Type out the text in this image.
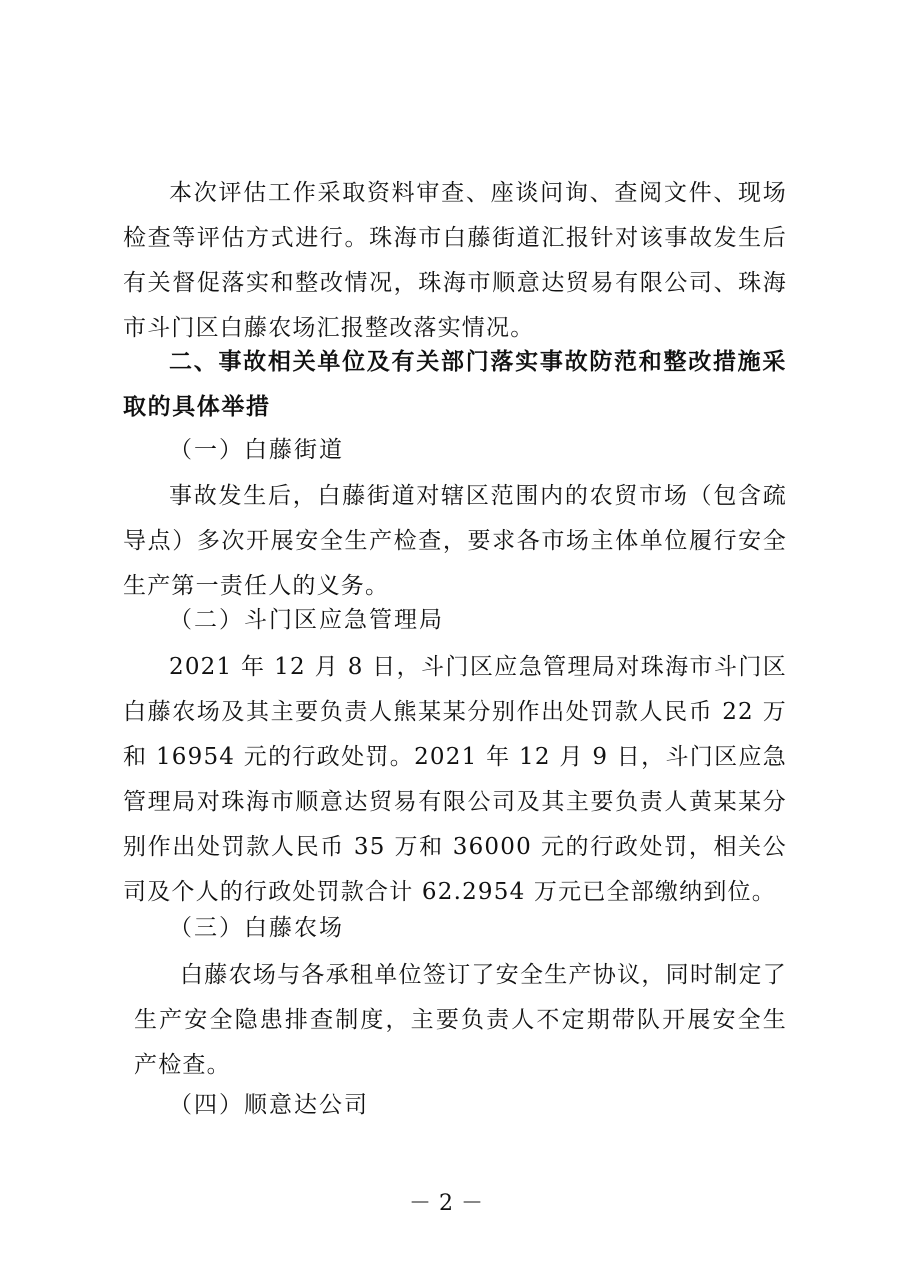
本次评估工作采取资料审查、座谈问询、查阅文件、现场检查等评估方式进行。珠海市白藤街道汇报针对该事故发生后有关督促落实和整改情况，珠海市顺意达贸易有限公司、珠海市斗门区白藤农场汇报整改落实情况。

二、事故相关单位及有关部门落实事故防范和整改措施采取的具体举措

（一）白藤街道

事故发生后，白藤街道对辖区范围内的农贸市场（包含疏导点）多次开展安全生产检查，要求各市场主体单位履行安全生产第一责任人的义务。

（二）斗门区应急管理局

2021 年 12 月 8 日，斗门区应急管理局对珠海市斗门区白藤农场及其主要负责人熊某某分别作出处罚款人民币 22 万和 16954 元的行政处罚。2021 年 12 月 9 日，斗门区应急管理局对珠海市顺意达贸易有限公司及其主要负责人黄某某分别作出处罚款人民币 35 万和 36000 元的行政处罚，相关公司及个人的行政处罚款合计 62.2954 万元已全部缴纳到位。

（三）白藤农场

白藤农场与各承租单位签订了安全生产协议，同时制定了生产安全隐患排查制度，主要负责人不定期带队开展安全生产检查。

（四）顺意达公司

－2－
